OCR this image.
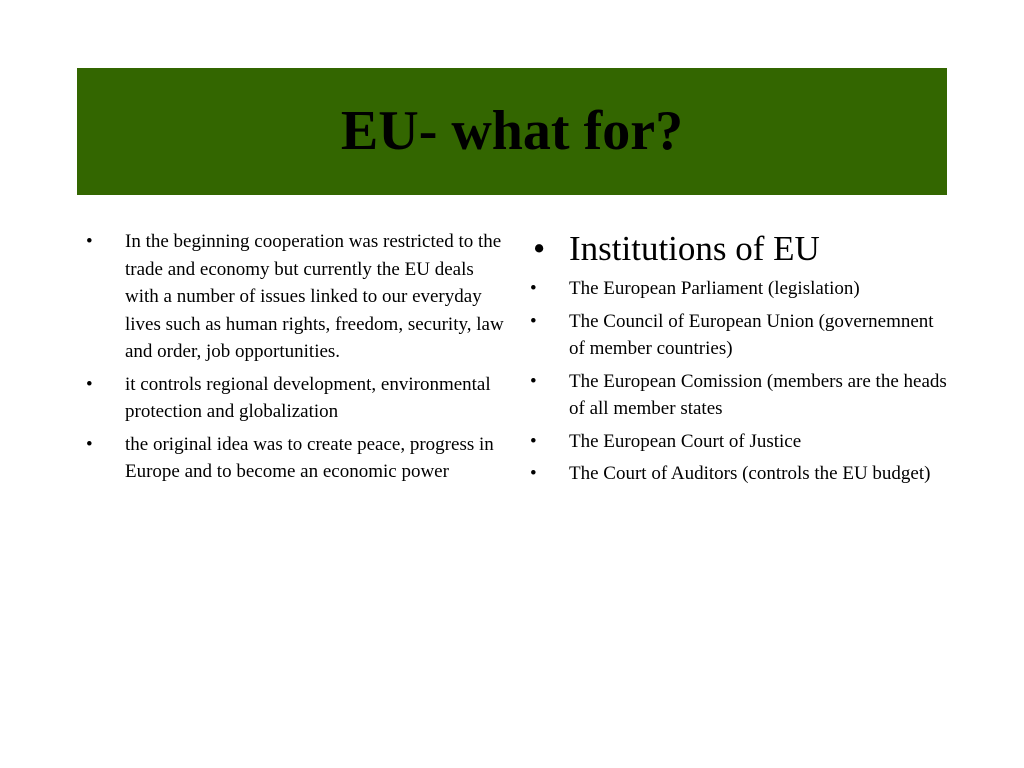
EU- what for?
•	In the beginning cooperation was restricted to the trade and economy but currently the EU deals with a number of issues linked to our everyday lives such as human rights, freedom, security, law and order, job opportunities.
•	it controls regional development, environmental protection and globalization
•	the original idea was to create peace, progress in Europe and to become an economic power
• Institutions of EU
•	The European Parliament (legislation)
•	The Council of European Union (governemnent of member countries)
•	The European Comission (members are the heads of all member states
•	The European Court of Justice
•	The Court of Auditors (controls the EU budget)
